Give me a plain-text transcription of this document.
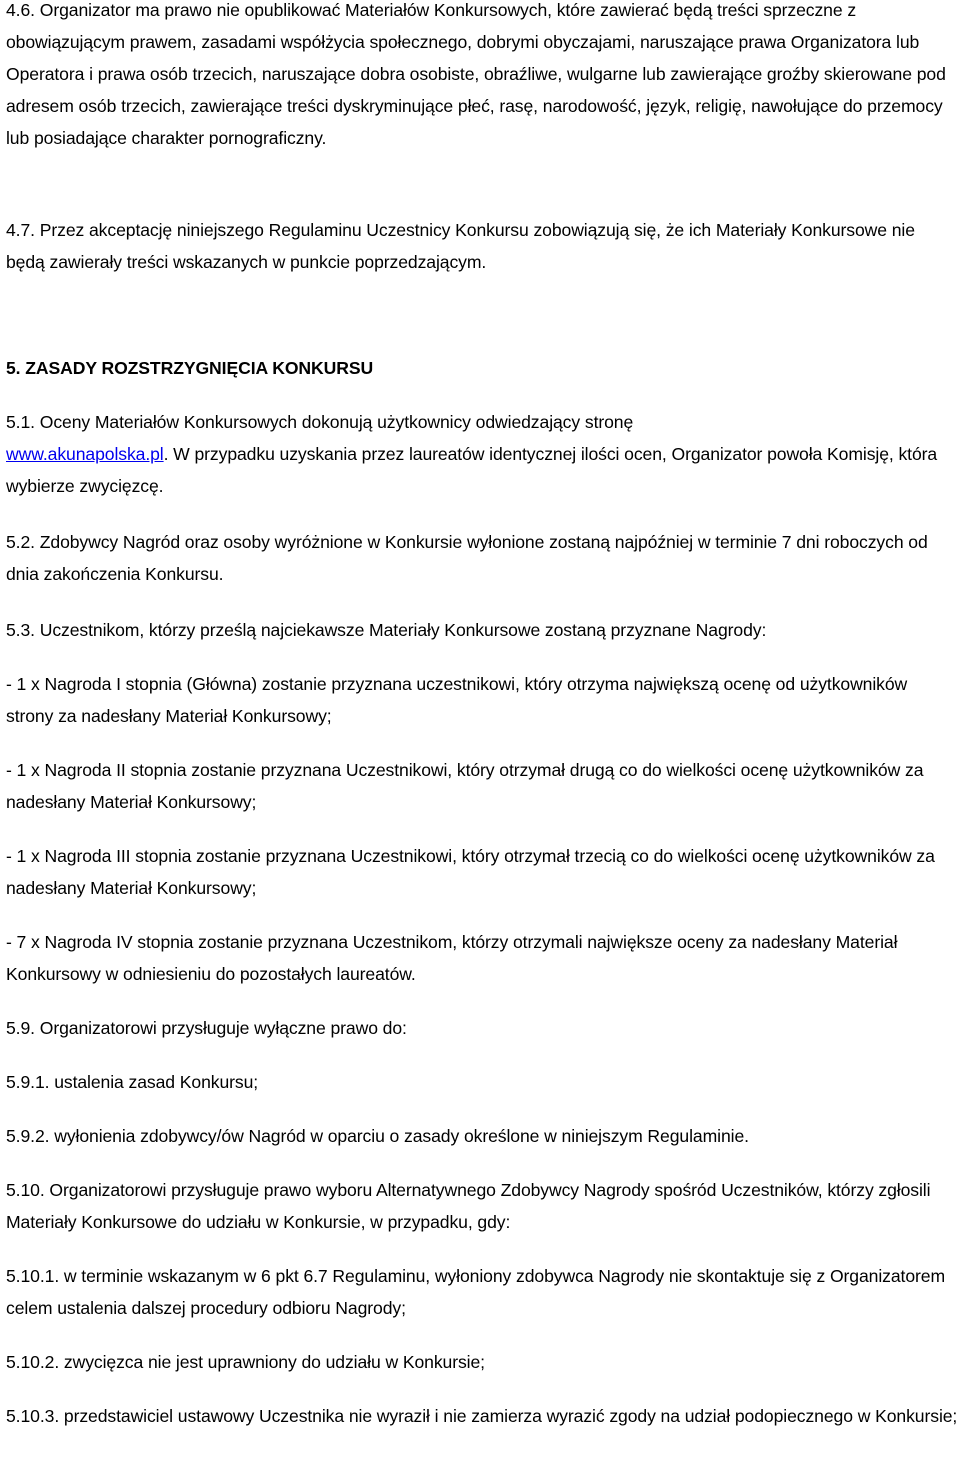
4.6. Organizator ma prawo nie opublikować Materiałów Konkursowych, które zawierać będą treści sprzeczne z obowiązującym prawem, zasadami współżycia społecznego, dobrymi obyczajami, naruszające prawa Organizatora lub Operatora i prawa osób trzecich, naruszające dobra osobiste, obraźliwe, wulgarne lub zawierające groźby skierowane pod adresem osób trzecich, zawierające treści dyskryminujące płeć, rasę, narodowość, język, religię, nawołujące do przemocy lub posiadające charakter pornograficzny.

4.7. Przez akceptację niniejszego Regulaminu Uczestnicy Konkursu zobowiązują się, że ich Materiały Konkursowe nie będą zawierały treści wskazanych w punkcie poprzedzającym.

5. ZASADY ROZSTRZYGNIĘCIA KONKURSU

5.1. Oceny Materiałów Konkursowych dokonują użytkownicy odwiedzający stronę
www.akunapolska.pl. W przypadku uzyskania przez laureatów identycznej ilości ocen, Organizator powoła Komisję, która wybierze zwycięzcę.

5.2. Zdobywcy Nagród oraz osoby wyróżnione w Konkursie wyłonione zostaną najpóźniej w terminie 7 dni roboczych od dnia zakończenia Konkursu.

5.3. Uczestnikom, którzy prześlą najciekawsze Materiały Konkursowe zostaną przyznane Nagrody:

- 1 x Nagroda I stopnia (Główna) zostanie przyznana uczestnikowi, który otrzyma największą ocenę od użytkowników strony za nadesłany Materiał Konkursowy;

- 1 x Nagroda II stopnia zostanie przyznana Uczestnikowi, który otrzymał drugą co do wielkości ocenę użytkowników za nadesłany Materiał Konkursowy;

- 1 x Nagroda III stopnia zostanie przyznana Uczestnikowi, który otrzymał trzecią co do wielkości ocenę użytkowników za nadesłany Materiał Konkursowy;

- 7 x Nagroda IV stopnia zostanie przyznana Uczestnikom, którzy otrzymali największe oceny za nadesłany Materiał Konkursowy w odniesieniu do pozostałych laureatów.

5.9. Organizatorowi przysługuje wyłączne prawo do:

5.9.1. ustalenia zasad Konkursu;

5.9.2. wyłonienia zdobywcy/ów Nagród w oparciu o zasady określone w niniejszym Regulaminie.

5.10. Organizatorowi przysługuje prawo wyboru Alternatywnego Zdobywcy Nagrody spośród Uczestników, którzy zgłosili Materiały Konkursowe do udziału w Konkursie, w przypadku, gdy:

5.10.1. w terminie wskazanym w 6 pkt 6.7 Regulaminu, wyłoniony zdobywca Nagrody nie skontaktuje się z Organizatorem celem ustalenia dalszej procedury odbioru Nagrody;

5.10.2. zwycięzca nie jest uprawniony do udziału w Konkursie;

5.10.3. przedstawiciel ustawowy Uczestnika nie wyraził i nie zamierza wyrazić zgody na udział podopiecznego w Konkursie;
